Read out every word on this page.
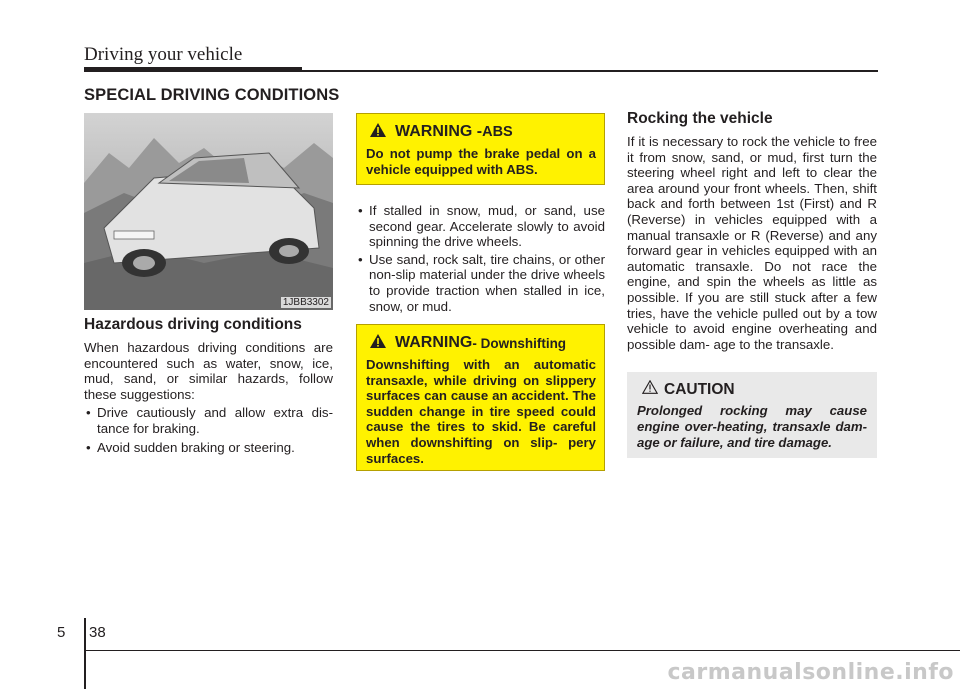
Driving your vehicle
SPECIAL DRIVING CONDITIONS
1JBB3302
Hazardous driving conditions

When hazardous driving conditions are encountered such as water, snow, ice, mud, sand, or similar hazards, follow these suggestions:

• Drive cautiously and allow extra dis- tance for braking.
• Avoid sudden braking or steering.
WARNING - ABS
Do not pump the brake pedal on a vehicle equipped with ABS.
• If stalled in snow, mud, or sand, use second gear. Accelerate slowly to avoid spinning the drive wheels.
• Use sand, rock salt, tire chains, or other non-slip material under the drive wheels to provide traction when stalled in ice, snow, or mud.
WARNING - Downshifting
Downshifting with an automatic transaxle, while driving on slippery surfaces can cause an accident. The sudden change in tire speed could cause the tires to skid. Be careful when downshifting on slip- pery surfaces.
Rocking the vehicle

If it is necessary to rock the vehicle to free it from snow, sand, or mud, first turn the steering wheel right and left to clear the area around your front wheels. Then, shift back and forth between 1st (First) and R (Reverse) in vehicles equipped with a manual transaxle or R (Reverse) and any forward gear in vehicles equipped with an automatic transaxle. Do not race the engine, and spin the wheels as little as possible. If you are still stuck after a few tries, have the vehicle pulled out by a tow vehicle to avoid engine overheating and possible dam- age to the transaxle.

CAUTION
Prolonged rocking may cause engine over-heating, transaxle dam- age or failure, and tire damage.
5 38
carmanualsonline.info
